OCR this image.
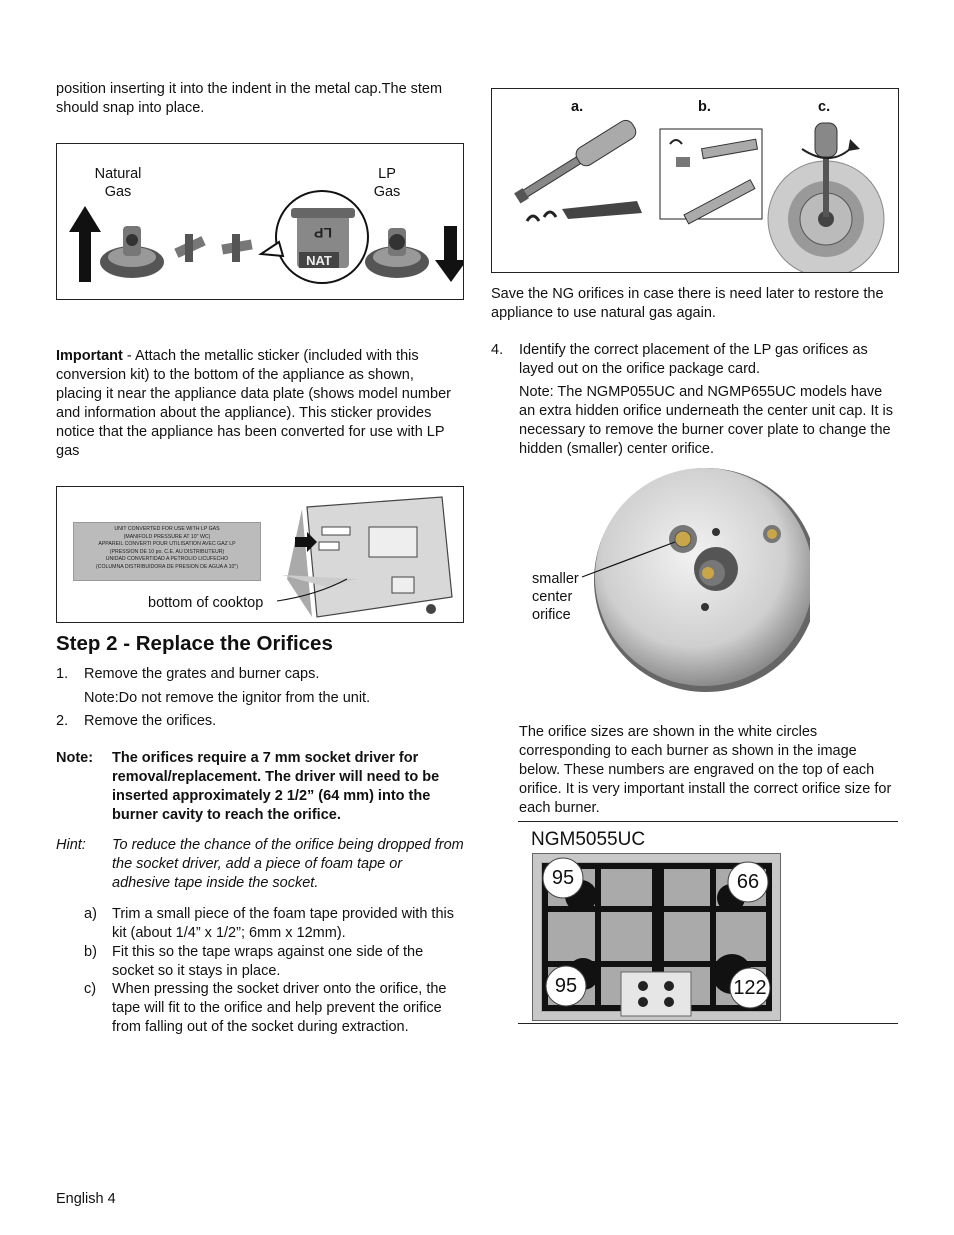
position inserting it into the indent in the metal cap.The stem should snap into place.

Natural Gas
LP Gas
LP
NAT

Important - Attach the metallic sticker (included with this conversion kit) to the bottom of the appliance as shown, placing it near the appliance data plate (shows model number and information about the appliance). This sticker provides notice that the appliance has been converted for use with LP gas

UNIT CONVERTED FOR USE WITH LP GAS
(MANIFOLD PRESSURE AT 10" WC)
APPAREIL CONVERTI POUR UTILISATION AVEC GAZ LP
(PRESSION DE 10 po. C.E. AU DISTRIBUTEUR)
UNIDAD CONVERTIDAD A PETROLIO LICUFECHO
(COLUMNA DISTRIBUIDORA DE PRESION DE AGUA A 10")
bottom of cooktop
Step 2 - Replace the Orifices
1. Remove the grates and burner caps.
Note:Do not remove the ignitor from the unit.
2. Remove the orifices.
Note: The orifices require a 7 mm socket driver for removal/replacement. The driver will need to be inserted approximately 2 1/2” (64 mm) into the burner cavity to reach the orifice.
Hint: To reduce the chance of the orifice being dropped from the socket driver, add a piece of foam tape or adhesive tape inside the socket.
a) Trim a small piece of the foam tape provided with this kit (about 1/4” x 1/2”; 6mm x 12mm).
b) Fit this so the tape wraps against one side of the socket so it stays in place.
c) When pressing the socket driver onto the orifice, the tape will fit to the orifice and help prevent the orifice from falling out of the socket during extraction.
a.	b.	c.

Save the NG orifices in case there is need later to restore the appliance to use natural gas again.

4. Identify the correct placement of the LP gas orifices as layed out on the orifice package card.

Note: The NGMP055UC and NGMP655UC models have an extra hidden orifice underneath the center unit cap. It is necessary to remove the burner cover plate to change the hidden (smaller) center orifice.

smaller
center
orifice

The orifice sizes are shown in the white circles corresponding to each burner as shown in the image below. These numbers are engraved on the top of each orifice. It is very important install the correct orifice size for each burner.

NGM5055UC
95	66
95	122
English 4
